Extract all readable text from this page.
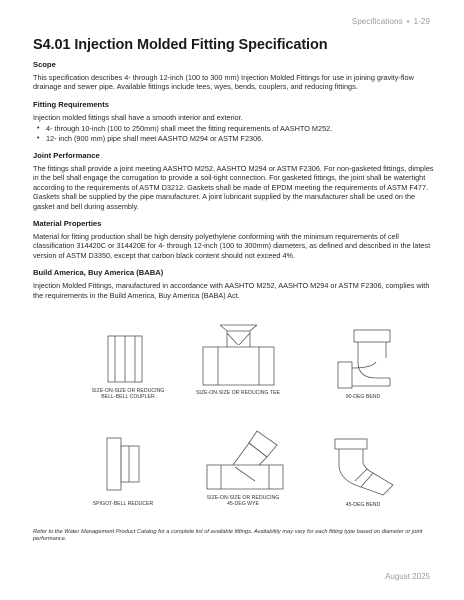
Specifications • 1-29
S4.01 Injection Molded Fitting Specification

Scope

This specification describes 4- through 12-inch (100 to 300 mm) Injection Molded Fittings for use in joining gravity-flow drainage and sewer pipe. Available fittings include tees, wyes, bends, couplers, and reducing fittings.

Fitting Requirements

Injection molded fittings shall have a smooth interior and exterior.

• 4- through 10-inch (100 to 250mm) shall meet the fitting requirements of AASHTO M252.
• 12- inch (900 mm) pipe shall meet AASHTO M294 or ASTM F2306.

Joint Performance

The fittings shall provide a joint meeting AASHTO M252, AASHTO M294 or ASTM F2306. For non-gasketed fittings, dimples in the bell shall engage the corrugation to provide a soil-tight connection. For gasketed fittings, the joint shall be watertight according to the requirements of ASTM D3212. Gaskets shall be made of EPDM meeting the requirements of ASTM F477. Gaskets shall be supplied by the pipe manufacturer. A joint lubricant supplied by the manufacturer shall be used on the gasket and bell during assembly.

Material Properties

Material for fitting production shall be high density polyethylene conforming with the minimum requirements of cell classification 314420C or 314420E for 4- through 12-inch (100 to 300mm) diameters, as defined and described in the latest version of ASTM D3350, except that carbon black content should not exceed 4%.

Build America, Buy America (BABA)

Injection Molded Fittings, manufactured in accordance with AASHTO M252, AASHTO M294 or ASTM F2306, complies with the requirements in the Build America, Buy America (BABA) Act.

SIZE-ON-SIZE OR REDUCING
BELL-BELL COUPLER
SIZE-ON-SIZE OR REDUCING TEE
90-DEG BEND
SPIGOT-BELL REDUCER
SIZE-ON-SIZE OR REDUCING
45-DEG WYE	45-DEG BEND

Refer to the Water Management Product Catalog for a complete list of available fittings. Availability may vary for each fitting type based on diameter or joint performance.

August 2025
